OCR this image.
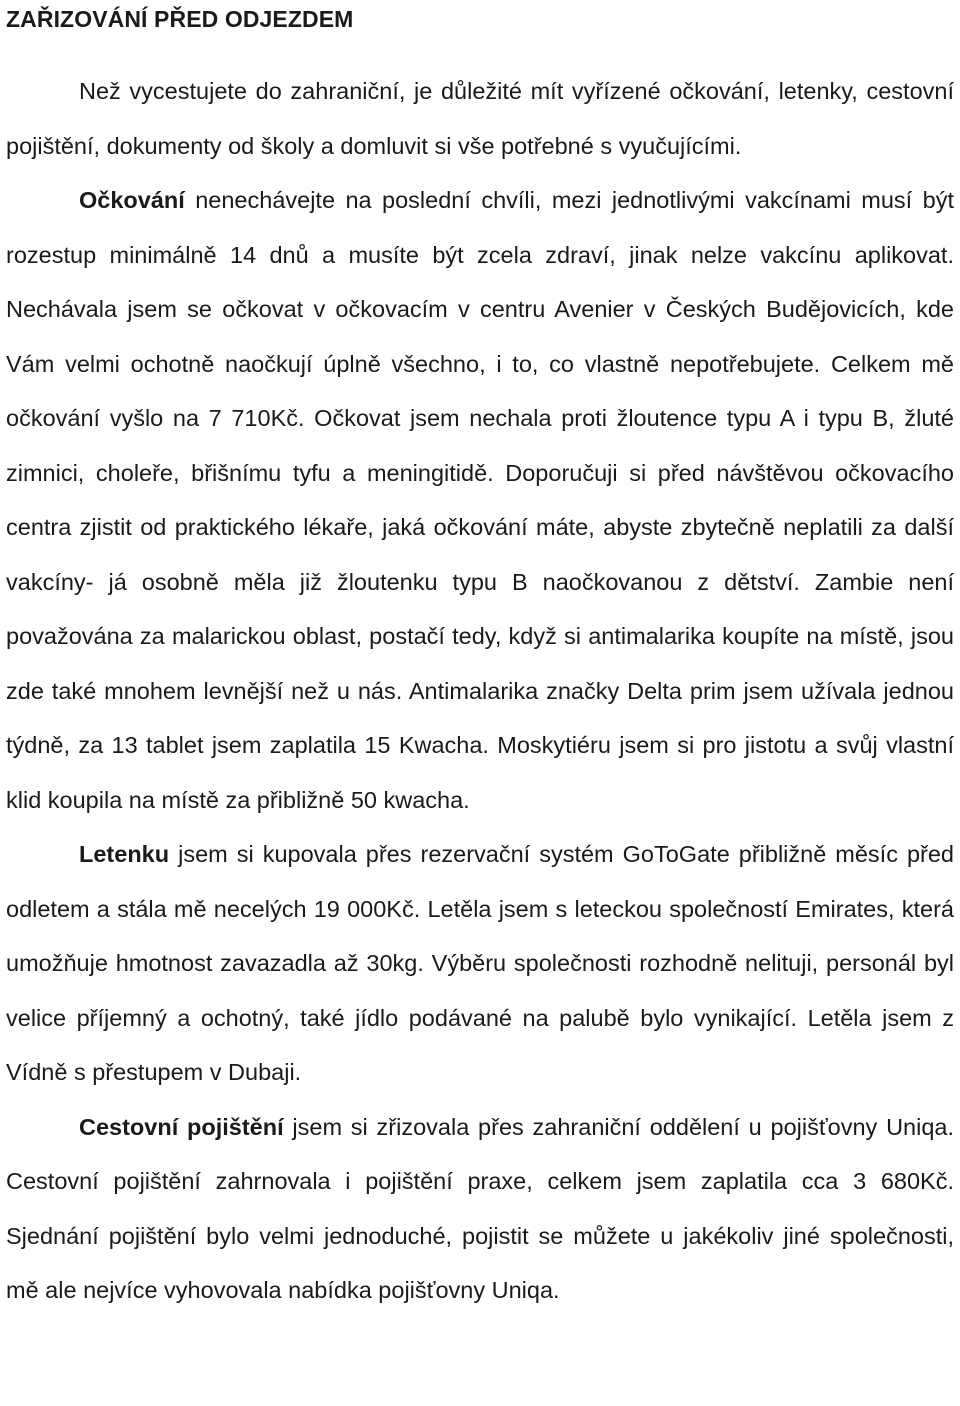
ZAŘIZOVÁNÍ PŘED ODJEZDEM

Než vycestujete do zahraniční, je důležité mít vyřízené očkování, letenky, cestovní pojištění, dokumenty od školy a domluvit si vše potřebné s vyučujícími.

Očkování nenechávejte na poslední chvíli, mezi jednotlivými vakcínami musí být rozestup minimálně 14 dnů a musíte být zcela zdraví, jinak nelze vakcínu aplikovat. Nechávala jsem se očkovat v očkovacím v centru Avenier v Českých Budějovicích, kde Vám velmi ochotně naočkují úplně všechno, i to, co vlastně nepotřebujete. Celkem mě očkování vyšlo na 7 710Kč. Očkovat jsem nechala proti žloutence typu A i typu B, žluté zimnici, choleře, břišnímu tyfu a meningitidě. Doporučuji si před návštěvou očkovacího centra zjistit od praktického lékaře, jaká očkování máte, abyste zbytečně neplatili za další vakcíny- já osobně měla již žloutenku typu B naočkovanou z dětství. Zambie není považována za malarickou oblast, postačí tedy, když si antimalarika koupíte na místě, jsou zde také mnohem levnější než u nás. Antimalarika značky Delta prim jsem užívala jednou týdně, za 13 tablet jsem zaplatila 15 Kwacha. Moskytiéru jsem si pro jistotu a svůj vlastní klid koupila na místě za přibližně 50 kwacha.

Letenku jsem si kupovala přes rezervační systém GoToGate přibližně měsíc před odletem a stála mě necelých 19 000Kč. Letěla jsem s leteckou společností Emirates, která umožňuje hmotnost zavazadla až 30kg. Výběru společnosti rozhodně nelituji, personál byl velice příjemný a ochotný, také jídlo podávané na palubě bylo vynikající. Letěla jsem z Vídně s přestupem v Dubaji.

Cestovní pojištění jsem si zřizovala přes zahraniční oddělení u pojišťovny Uniqa. Cestovní pojištění zahrnovala i pojištění praxe, celkem jsem zaplatila cca 3 680Kč. Sjednání pojištění bylo velmi jednoduché, pojistit se můžete u jakékoliv jiné společnosti, mě ale nejvíce vyhovovala nabídka pojišťovny Uniqa.
